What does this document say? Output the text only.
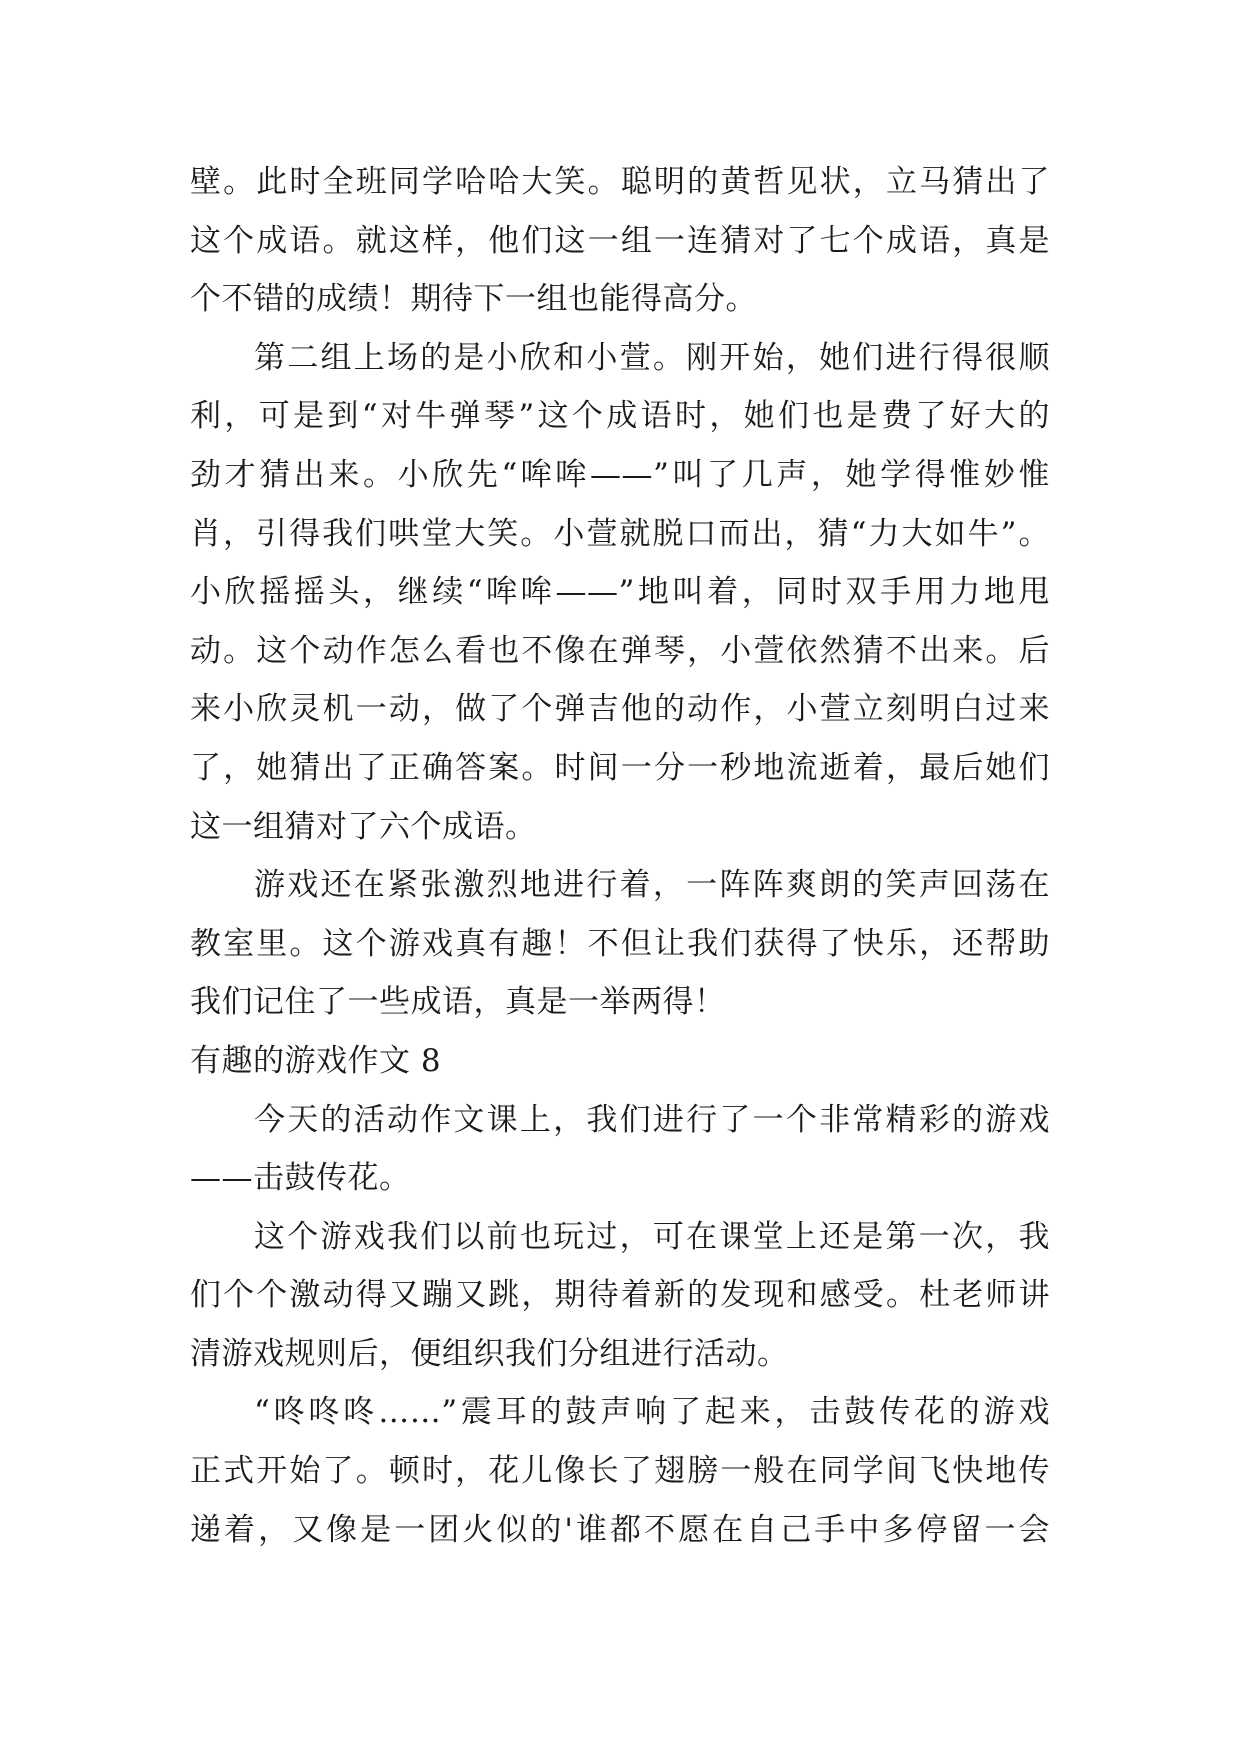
壁。此时全班同学哈哈大笑。聪明的黄哲见状，立马猜出了
这个成语。就这样，他们这一组一连猜对了七个成语，真是
个不错的成绩！期待下一组也能得高分。
第二组上场的是小欣和小萱。刚开始，她们进行得很顺
利，可是到“对牛弹琴”这个成语时，她们也是费了好大的
劲才猜出来。小欣先“哞哞——”叫了几声，她学得惟妙惟
肖，引得我们哄堂大笑。小萱就脱口而出，猜“力大如牛”。
小欣摇摇头，继续“哞哞——”地叫着，同时双手用力地甩
动。这个动作怎么看也不像在弹琴，小萱依然猜不出来。后
来小欣灵机一动，做了个弹吉他的动作，小萱立刻明白过来
了，她猜出了正确答案。时间一分一秒地流逝着，最后她们
这一组猜对了六个成语。
游戏还在紧张激烈地进行着，一阵阵爽朗的笑声回荡在
教室里。这个游戏真有趣！不但让我们获得了快乐，还帮助
我们记住了一些成语，真是一举两得！
有趣的游戏作文 8
今天的活动作文课上，我们进行了一个非常精彩的游戏
——击鼓传花。
这个游戏我们以前也玩过，可在课堂上还是第一次，我
们个个激动得又蹦又跳，期待着新的发现和感受。杜老师讲
清游戏规则后，便组织我们分组进行活动。
“咚咚咚……”震耳的鼓声响了起来，击鼓传花的游戏
正式开始了。顿时，花儿像长了翅膀一般在同学间飞快地传
递着，又像是一团火似的'谁都不愿在自己手中多停留一会
